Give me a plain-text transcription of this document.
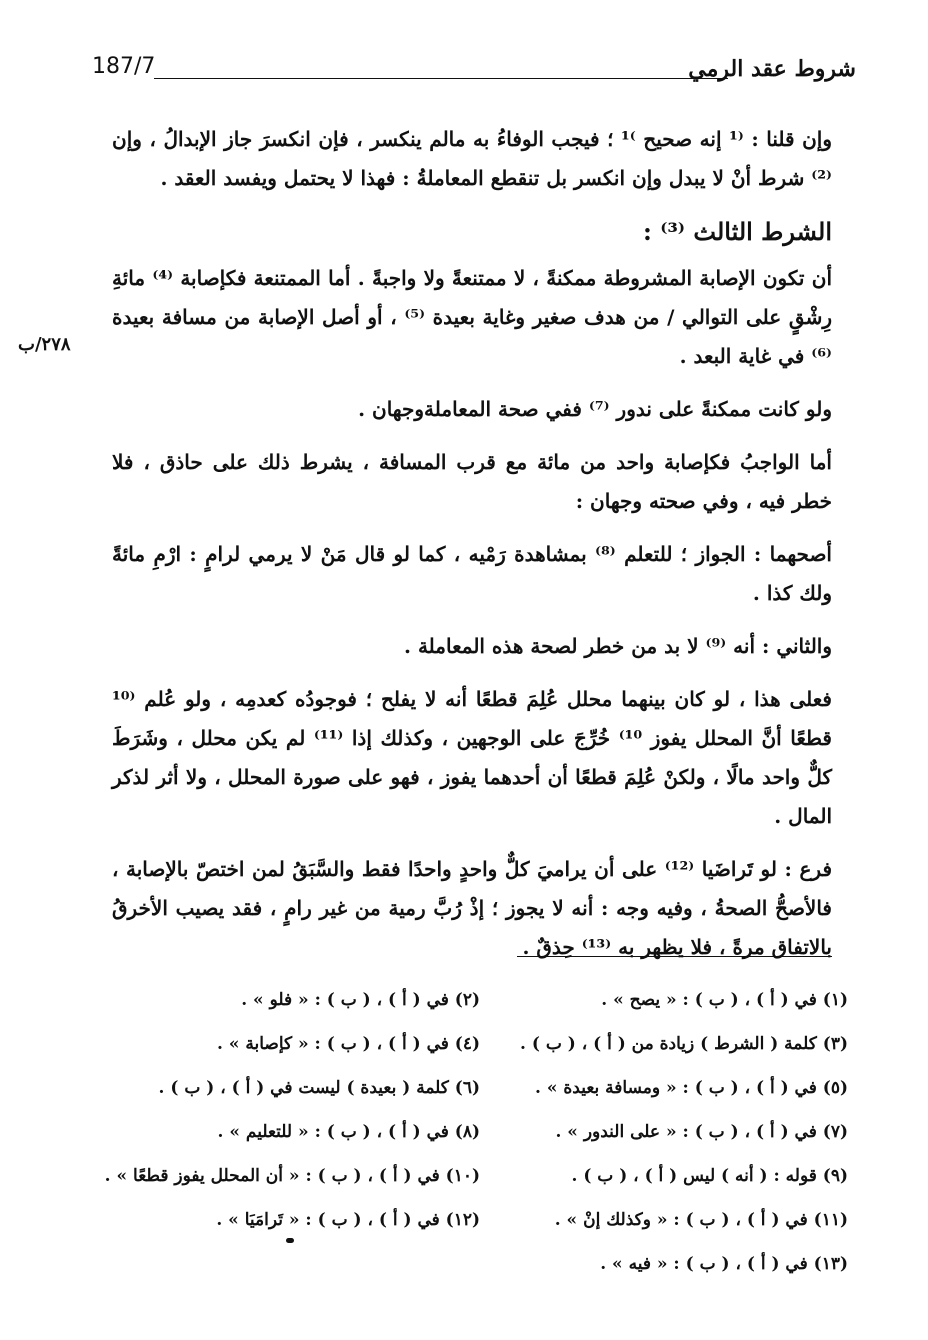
شروط عقد الرمي
187/7
٢٧٨/ب

وإن قلنا : ⁽¹ إنه صحيح ⁾¹ ؛ فيجب الوفاءُ به مالم ينكسر ، فإن انكسرَ جاز الإبدالُ ، وإن ⁽²⁾ شرط أنْ لا يبدل وإن انكسر بل تنقطع المعاملةُ : فهذا لا يحتمل ويفسد العقد .

الشرط الثالث ⁽³⁾ :

أن تكون الإصابة المشروطة ممكنةً ، لا ممتنعةً ولا واجبةً . أما الممتنعة فكإصابة ⁽⁴⁾ مائةِ رِشْقٍ على التوالي / من هدف صغير وغاية بعيدة ⁽⁵⁾ ، أو أصل الإصابة من مسافة بعيدة ⁽⁶⁾ في غاية البعد .

ولو كانت ممكنةً على ندور ⁽⁷⁾ ففي صحة المعاملةوجهان .

أما الواجبُ فكإصابة واحد من مائة مع قرب المسافة ، يشرط ذلك على حاذق ، فلا خطر فيه ، وفي صحته وجهان :

أصحهما : الجواز ؛ للتعلم ⁽⁸⁾ بمشاهدة رَمْيه ، كما لو قال مَنْ لا يرمي لرامٍ : ارْمِ مائةً ولك كذا .

والثاني : أنه ⁽⁹⁾ لا بد من خطر لصحة هذه المعاملة .

فعلى هذا ، لو كان بينهما محلل عُلِمَ قطعًا أنه لا يفلح ؛ فوجودُه كعدمِه ، ولو عُلم ⁽¹⁰ قطعًا أنَّ المحلل يفوز ¹⁰⁾ خُرِّجَ على الوجهين ، وكذلك إذا ⁽¹¹⁾ لم يكن محلل ، وشَرَطَ كلٌّ واحد مالًا ، ولكنْ عُلِمَ قطعًا أن أحدهما يفوز ، فهو على صورة المحلل ، ولا أثر لذكر المال .

فرع : لو تَراضَيا ⁽¹²⁾ على أن يراميَ كلٌّ واحدٍ واحدًا فقط والسَّبَقُ لمن اختصّ بالإصابة ، فالأصحُّ الصحةُ ، وفيه وجه : أنه لا يجوز ؛ إذْ رُبَّ رمية من غير رامٍ ، فقد يصيب الأخرقُ بالاتفاق مرةً ، فلا يظهر به ⁽¹³⁾ حِذقٌ .

(١) في ( أ ) ، ( ب ) : « يصح » .
(٢) في ( أ ) ، ( ب ) : « فلو » .
(٣) كلمة ( الشرط ) زيادة من ( أ ) ، ( ب ) .
(٤) في ( أ ) ، ( ب ) : « كإصابة » .
(٥) في ( أ ) ، ( ب ) : « ومسافة بعيدة » .
(٦) كلمة ( بعيدة ) ليست في ( أ ) ، ( ب ) .
(٧) في ( أ ) ، ( ب ) : « على الندور » .
(٨) في ( أ ) ، ( ب ) : « للتعليم » .
(٩) قوله : ( أنه ) ليس ( أ ) ، ( ب ) .
(١٠) في ( أ ) ، ( ب ) : « أن المحلل يفوز قطعًا » .
(١١) في ( أ ) ، ( ب ) : « وكذلك إنْ » .
(١٢) في ( أ ) ، ( ب ) : « تَرامَيَا » .
(١٣) في ( أ ) ، ( ب ) : « فيه » .
